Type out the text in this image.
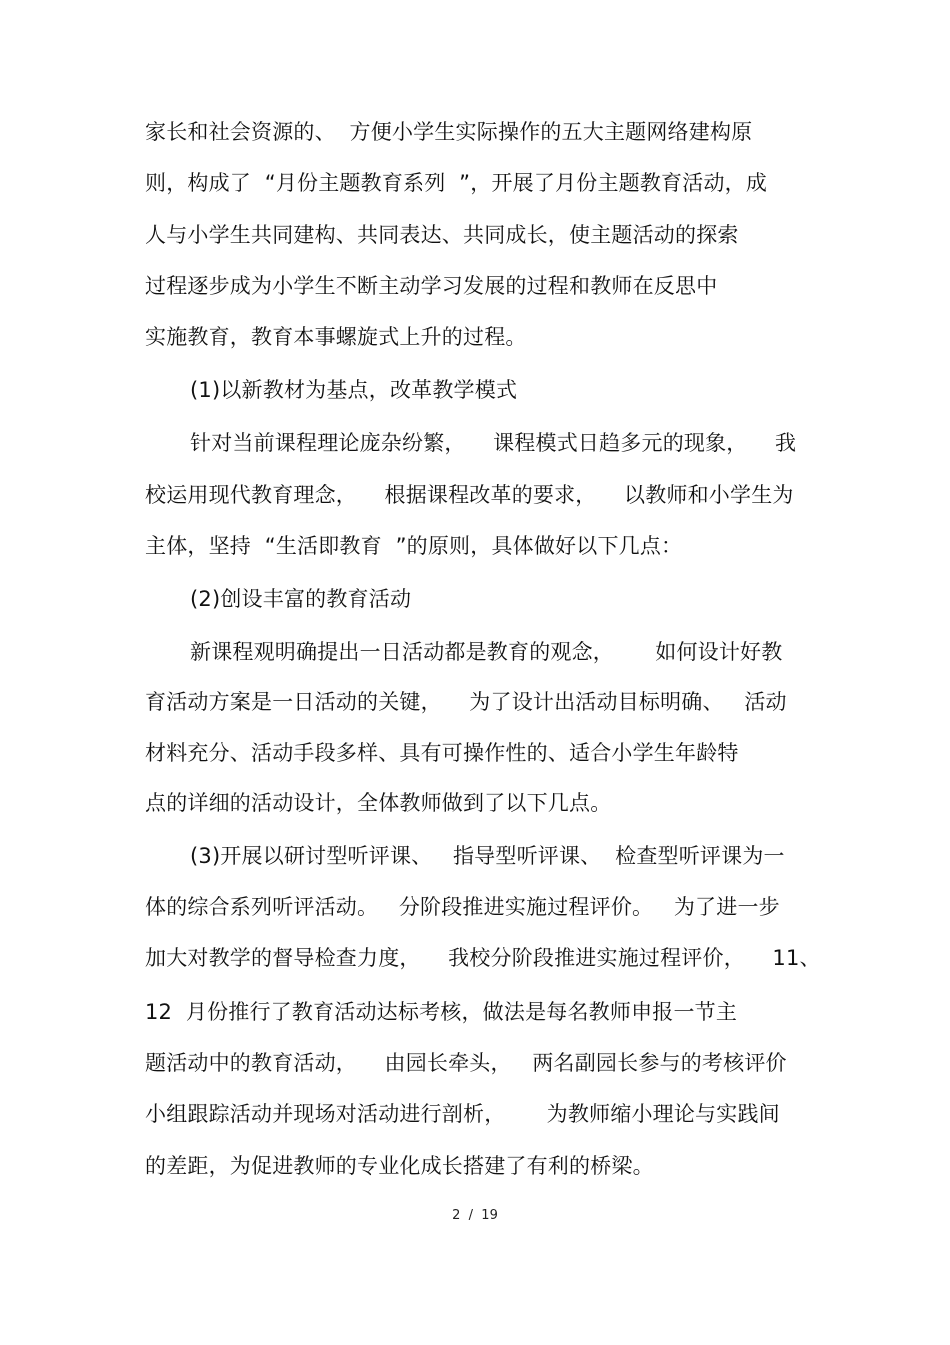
家长和社会资源的、  方便小学生实际操作的五大主题网络建构原
则，构成了  “月份主题教育系列  ”，开展了月份主题教育活动，成
人与小学生共同建构、共同表达、共同成长，使主题活动的探索
过程逐步成为小学生不断主动学习发展的过程和教师在反思中
实施教育，教育本事螺旋式上升的过程。
(1)以新教材为基点，改革教学模式
针对当前课程理论庞杂纷繁，    课程模式日趋多元的现象，    我
校运用现代教育理念，    根据课程改革的要求，    以教师和小学生为
主体，坚持  “生活即教育  ”的原则，具体做好以下几点：
(2)创设丰富的教育活动
新课程观明确提出一日活动都是教育的观念，      如何设计好教
育活动方案是一日活动的关键，    为了设计出活动目标明确、   活动
材料充分、活动手段多样、具有可操作性的、适合小学生年龄特
点的详细的活动设计，全体教师做到了以下几点。
(3)开展以研讨型听评课、   指导型听评课、  检查型听评课为一
体的综合系列听评活动。   分阶段推进实施过程评价。   为了进一步
加大对教学的督导检查力度，    我校分阶段推进实施过程评价，    11、
12  月份推行了教育活动达标考核，做法是每名教师申报一节主
题活动中的教育活动，    由园长牵头，   两名副园长参与的考核评价
小组跟踪活动并现场对活动进行剖析，      为教师缩小理论与实践间
的差距，为促进教师的专业化成长搭建了有利的桥梁。
2  /  19
